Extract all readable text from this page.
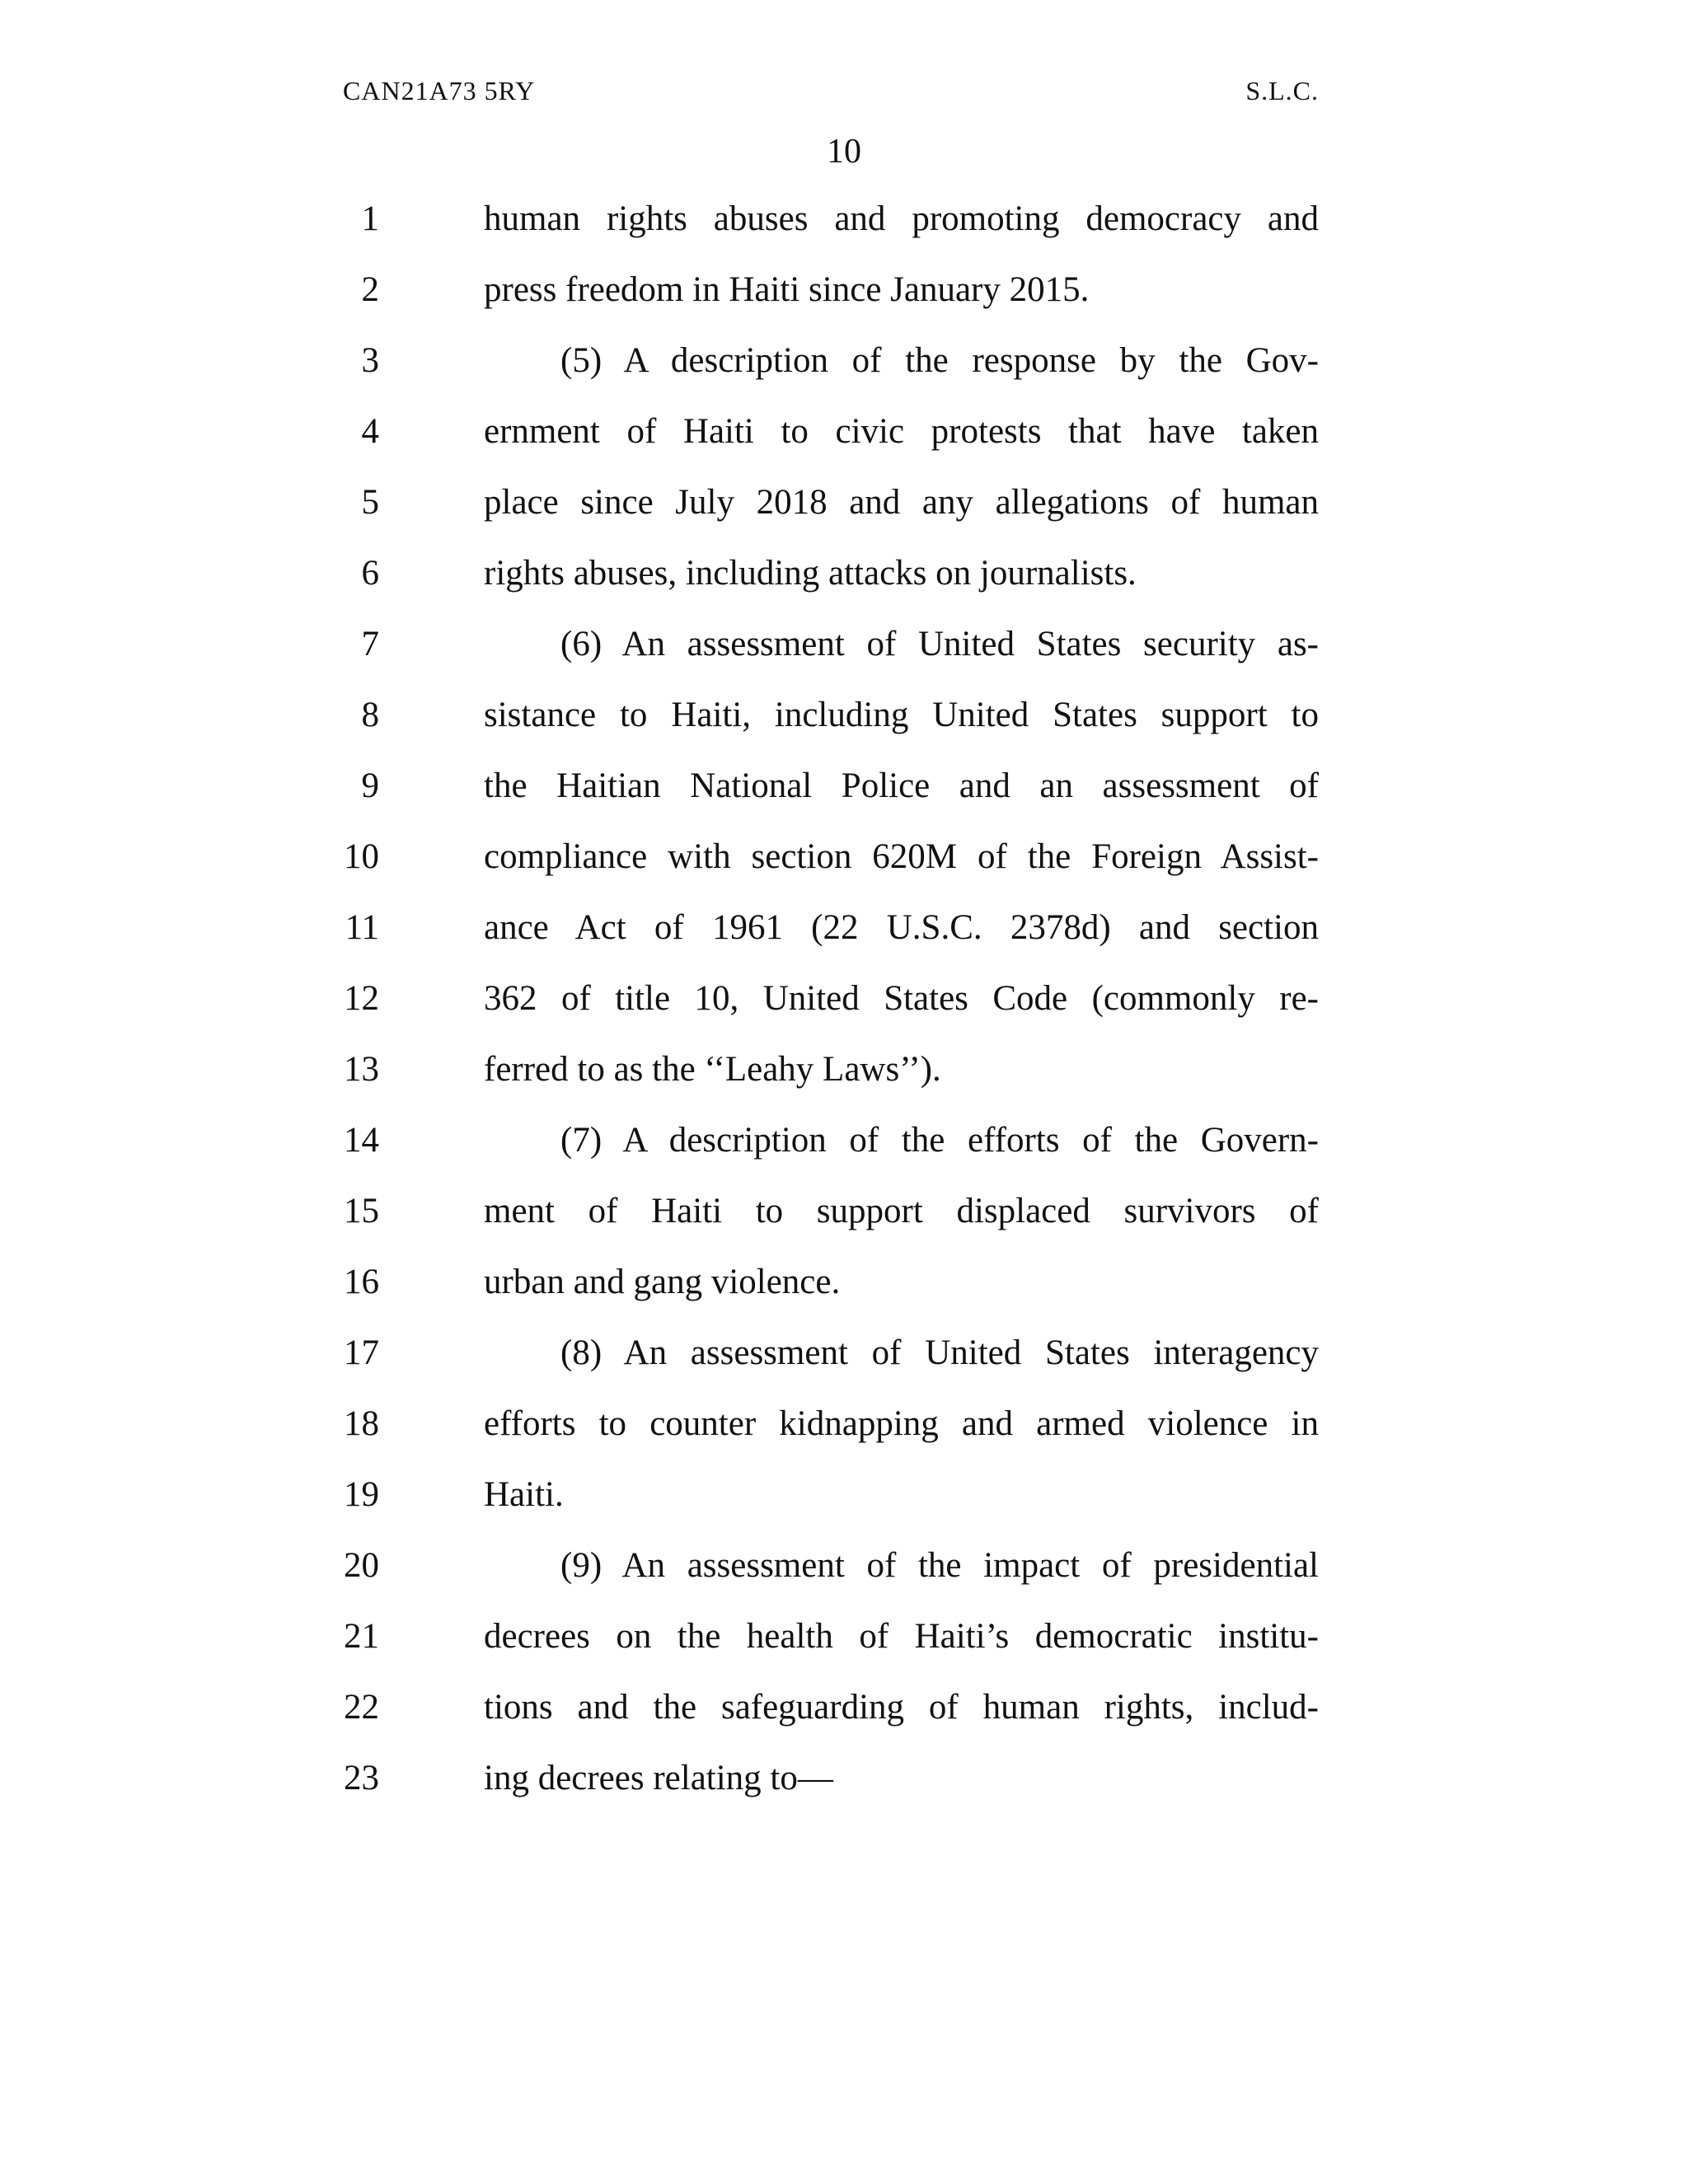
CAN21A73 5RY	S.L.C.
10
1	human rights abuses and promoting democracy and
2	press freedom in Haiti since January 2015.
3	(5) A description of the response by the Gov-
4	ernment of Haiti to civic protests that have taken
5	place since July 2018 and any allegations of human
6	rights abuses, including attacks on journalists.
7	(6) An assessment of United States security as-
8	sistance to Haiti, including United States support to
9	the Haitian National Police and an assessment of
10	compliance with section 620M of the Foreign Assist-
11	ance Act of 1961 (22 U.S.C. 2378d) and section
12	362 of title 10, United States Code (commonly re-
13	ferred to as the ‘‘Leahy Laws’’).
14	(7) A description of the efforts of the Govern-
15	ment of Haiti to support displaced survivors of
16	urban and gang violence.
17	(8) An assessment of United States interagency
18	efforts to counter kidnapping and armed violence in
19	Haiti.
20	(9) An assessment of the impact of presidential
21	decrees on the health of Haiti’s democratic institu-
22	tions and the safeguarding of human rights, includ-
23	ing decrees relating to—
